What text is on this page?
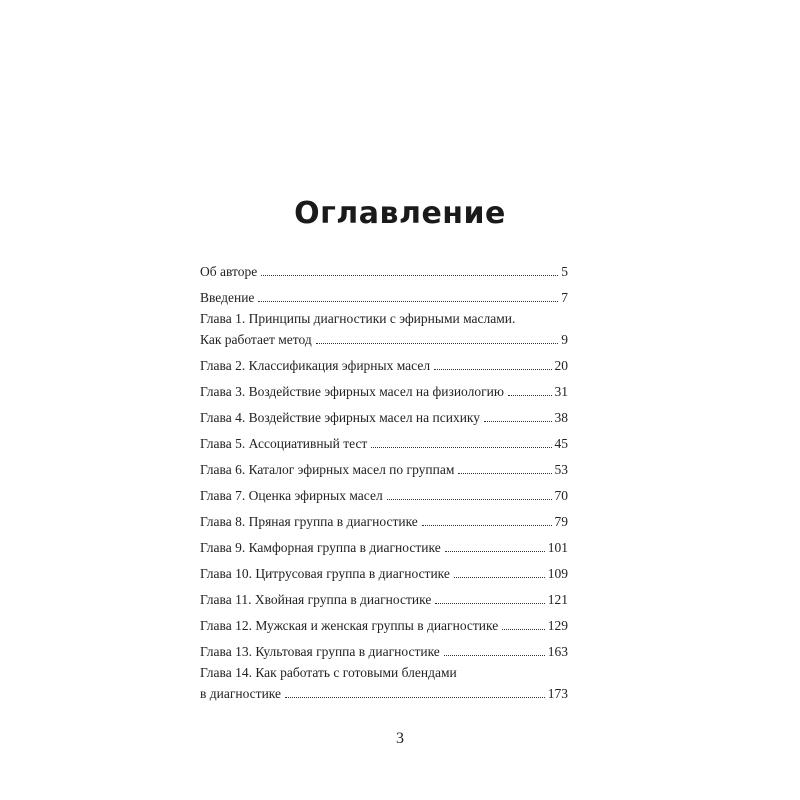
Оглавление
Об авторе	5
Введение	7
Глава 1. Принципы диагностики с эфирными маслами.
Как работает метод	9
Глава 2. Классификация эфирных масел	20
Глава 3. Воздействие эфирных масел на физиологию	31
Глава 4. Воздействие эфирных масел на психику	38
Глава 5. Ассоциативный тест	45
Глава 6. Каталог эфирных масел по группам	53
Глава 7. Оценка эфирных масел	70
Глава 8. Пряная группа в диагностике	79
Глава 9. Камфорная группа в диагностике	101
Глава 10. Цитрусовая группа в диагностике	109
Глава 11. Хвойная группа в диагностике	121
Глава 12. Мужская и женская группы в диагностике	129
Глава 13. Культовая группа в диагностике	163
Глава 14. Как работать с готовыми блендами
в диагностике	173
3
